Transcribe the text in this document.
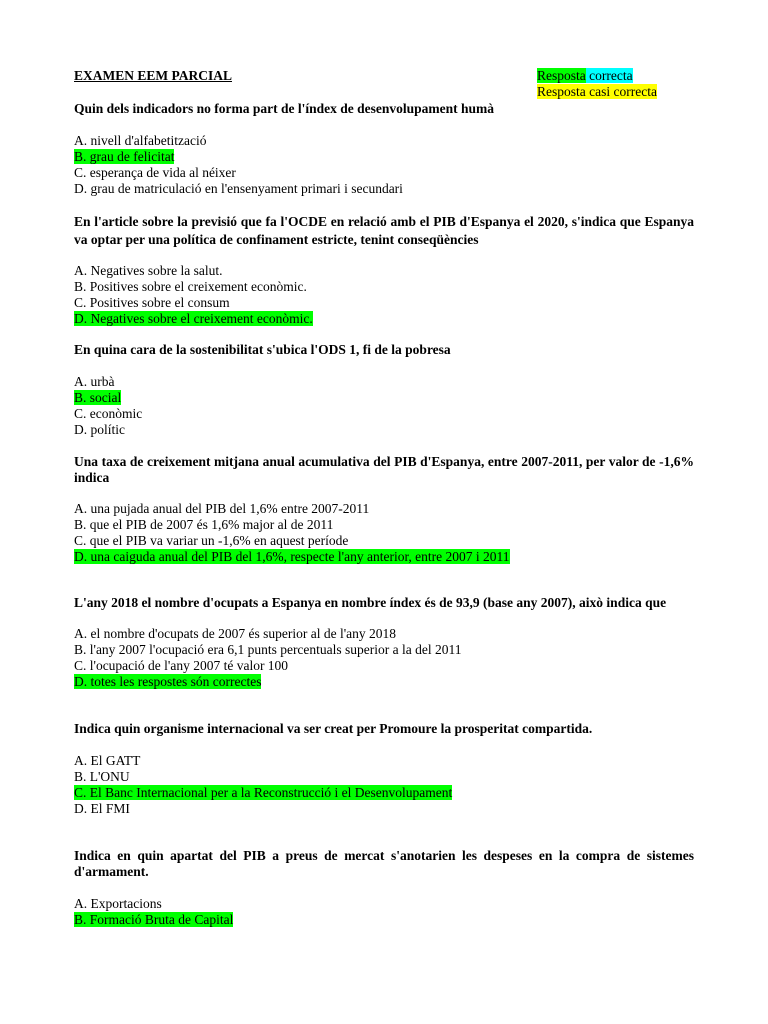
Resposta correcta
Resposta casi correcta
EXAMEN EEM PARCIAL
Quin dels indicadors no forma part de l'índex de desenvolupament humà
A. nivell d'alfabetització
B. grau de felicitat
C. esperança de vida al néixer
D. grau de matriculació en l'ensenyament primari i secundari
En l'article sobre la previsió que fa l'OCDE en relació amb el PIB d'Espanya el 2020, s'indica que Espanya va optar per una política de confinament estricte, tenint conseqüències
A. Negatives sobre la salut.
B. Positives sobre el creixement econòmic.
C. Positives sobre el consum
D. Negatives sobre el creixement econòmic.
En quina cara de la sostenibilitat s'ubica l'ODS 1, fi de la pobresa
A. urbà
B. social
C. econòmic
D. polític
Una taxa de creixement mitjana anual acumulativa del PIB d'Espanya, entre 2007-2011, per valor de -1,6% indica
A. una pujada anual del PIB del 1,6% entre 2007-2011
B. que el PIB de 2007 és 1,6% major al de 2011
C. que el PIB va variar un -1,6% en aquest període
D. una caiguda anual del PIB del 1,6%, respecte l'any anterior, entre 2007 i 2011
L'any 2018 el nombre d'ocupats a Espanya en nombre índex és de 93,9 (base any 2007), això indica que
A. el nombre d'ocupats de 2007 és superior al de l'any 2018
B. l'any 2007 l'ocupació era 6,1 punts percentuals superior a la del 2011
C. l'ocupació de l'any 2007 té valor 100
D. totes les respostes són correctes
Indica quin organisme internacional va ser creat per Promoure la prosperitat compartida.
A. El GATT
B. L'ONU
C. El Banc Internacional per a la Reconstrucció i el Desenvolupament
D. El FMI
Indica en quin apartat del PIB a preus de mercat s'anotarien les despeses en la compra de sistemes d'armament.
A. Exportacions
B. Formació Bruta de Capital
